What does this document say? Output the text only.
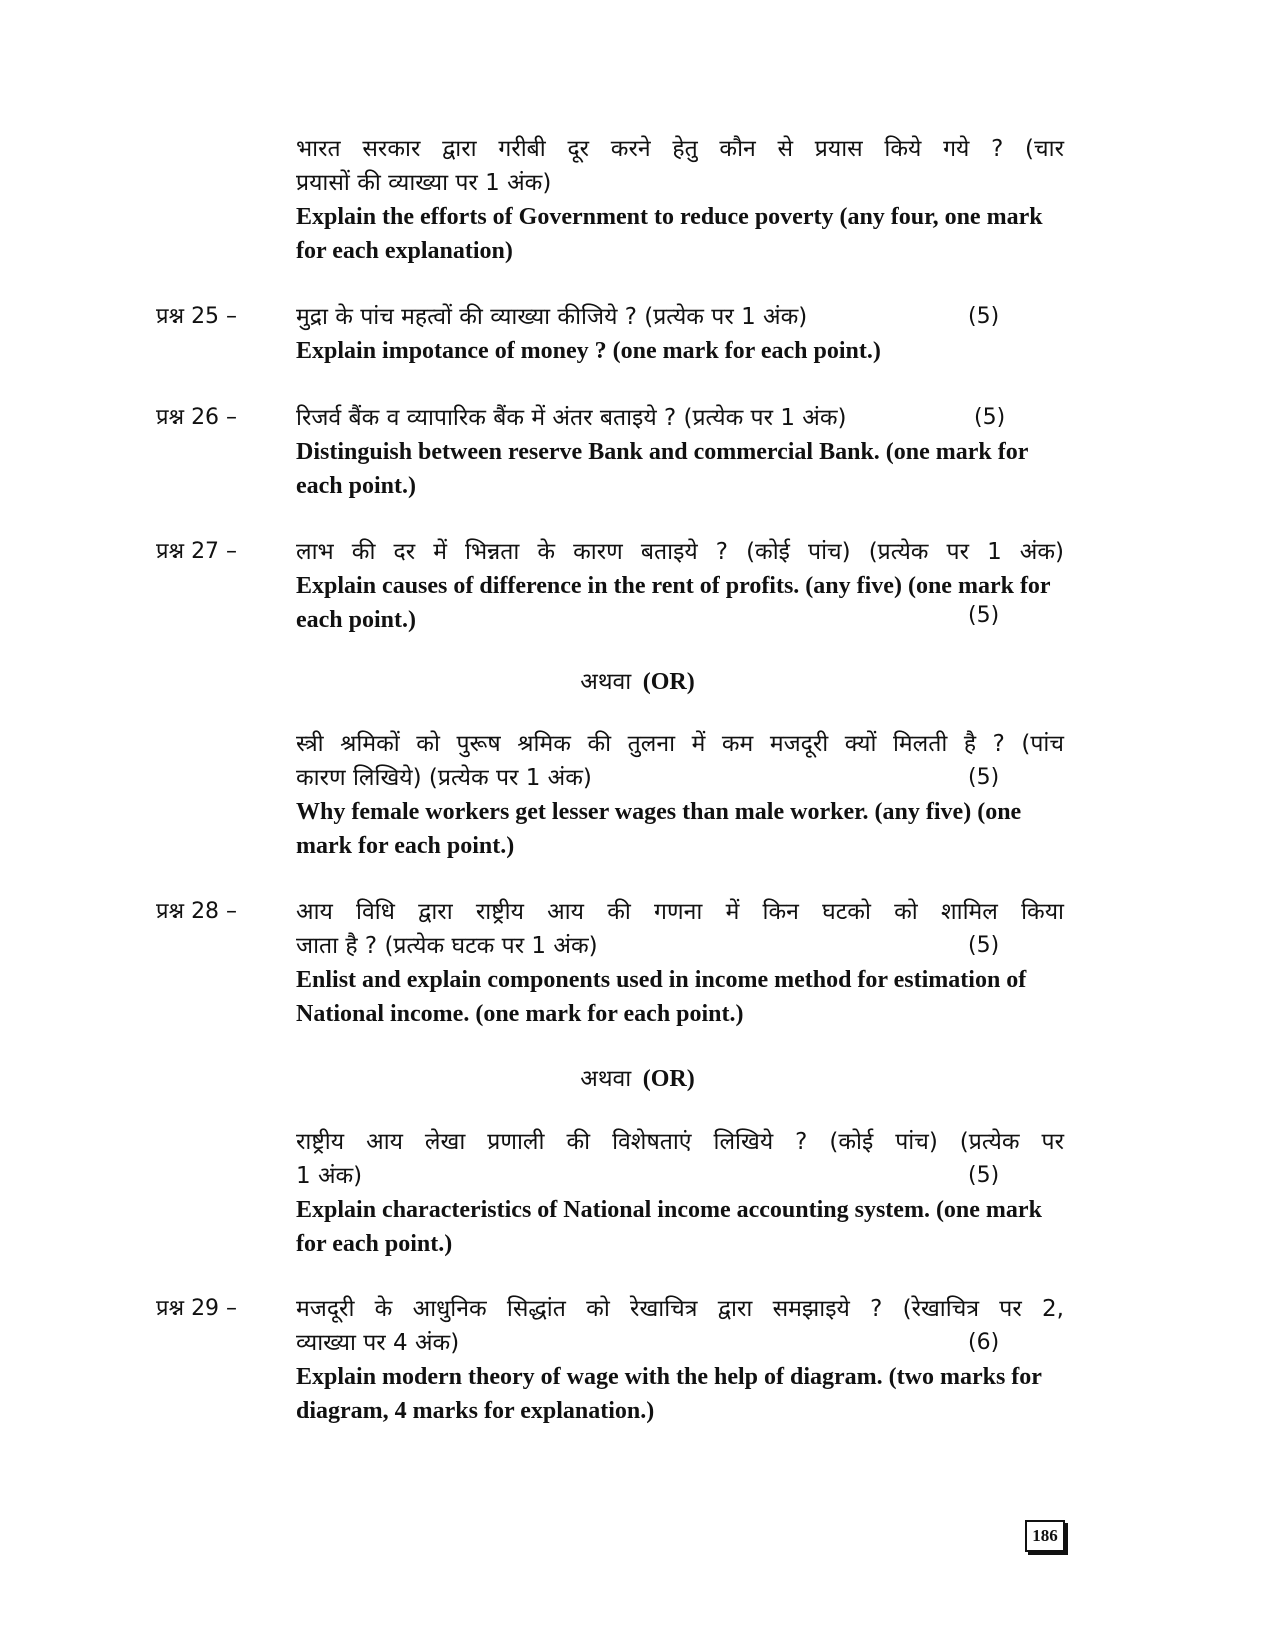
भारत सरकार द्वारा गरीबी दूर करने हेतु कौन से प्रयास किये गये ? (चार

प्रयासों की व्याख्या पर 1 अंक)

Explain the efforts of Government to reduce poverty (any four, one mark

for each explanation)

प्रश्न 25 –	मुद्रा के पांच महत्वों की व्याख्या कीजिये ? (प्रत्येक पर 1 अंक)

Explain impotance of money ? (one mark for each point.)

(5)
प्रश्न 26 –	रिजर्व बैंक व व्यापारिक बैंक में अंतर बताइये ? (प्रत्येक पर 1 अंक)

Distinguish between reserve Bank and commercial Bank. (one mark for

each point.)

(5)
प्रश्न 27 –	लाभ की दर में भिन्नता के कारण बताइये ? (कोई पांच) (प्रत्येक पर 1 अंक)

Explain causes of difference in the rent of profits. (any five) (one mark for

each point.)	(5)
अथवा (OR)

स्त्री श्रमिकों को पुरूष श्रमिक की तुलना में कम मजदूरी क्यों मिलती है ? (पांच

कारण लिखिये) (प्रत्येक पर 1 अंक)

Why female workers get lesser wages than male worker. (any five) (one

mark for each point.)

(5)
प्रश्न 28 –	आय विधि द्वारा राष्ट्रीय आय की गणना में किन घटको को शामिल किया

जाता है ? (प्रत्येक घटक पर 1 अंक)

Enlist and explain components used in income method for estimation of

National income. (one mark for each point.)

(5)
अथवा (OR)

राष्ट्रीय आय लेखा प्रणाली की विशेषताएं लिखिये ? (कोई पांच) (प्रत्येक पर

1 अंक)

Explain characteristics of National income accounting system. (one mark

for each point.)

(5)
प्रश्न 29 –	मजदूरी के आधुनिक सिद्धांत को रेखाचित्र द्वारा समझाइये ? (रेखाचित्र पर 2,

व्याख्या पर 4 अंक)

Explain modern theory of wage with the help of diagram. (two marks for

diagram, 4 marks for explanation.)

(6)
186
